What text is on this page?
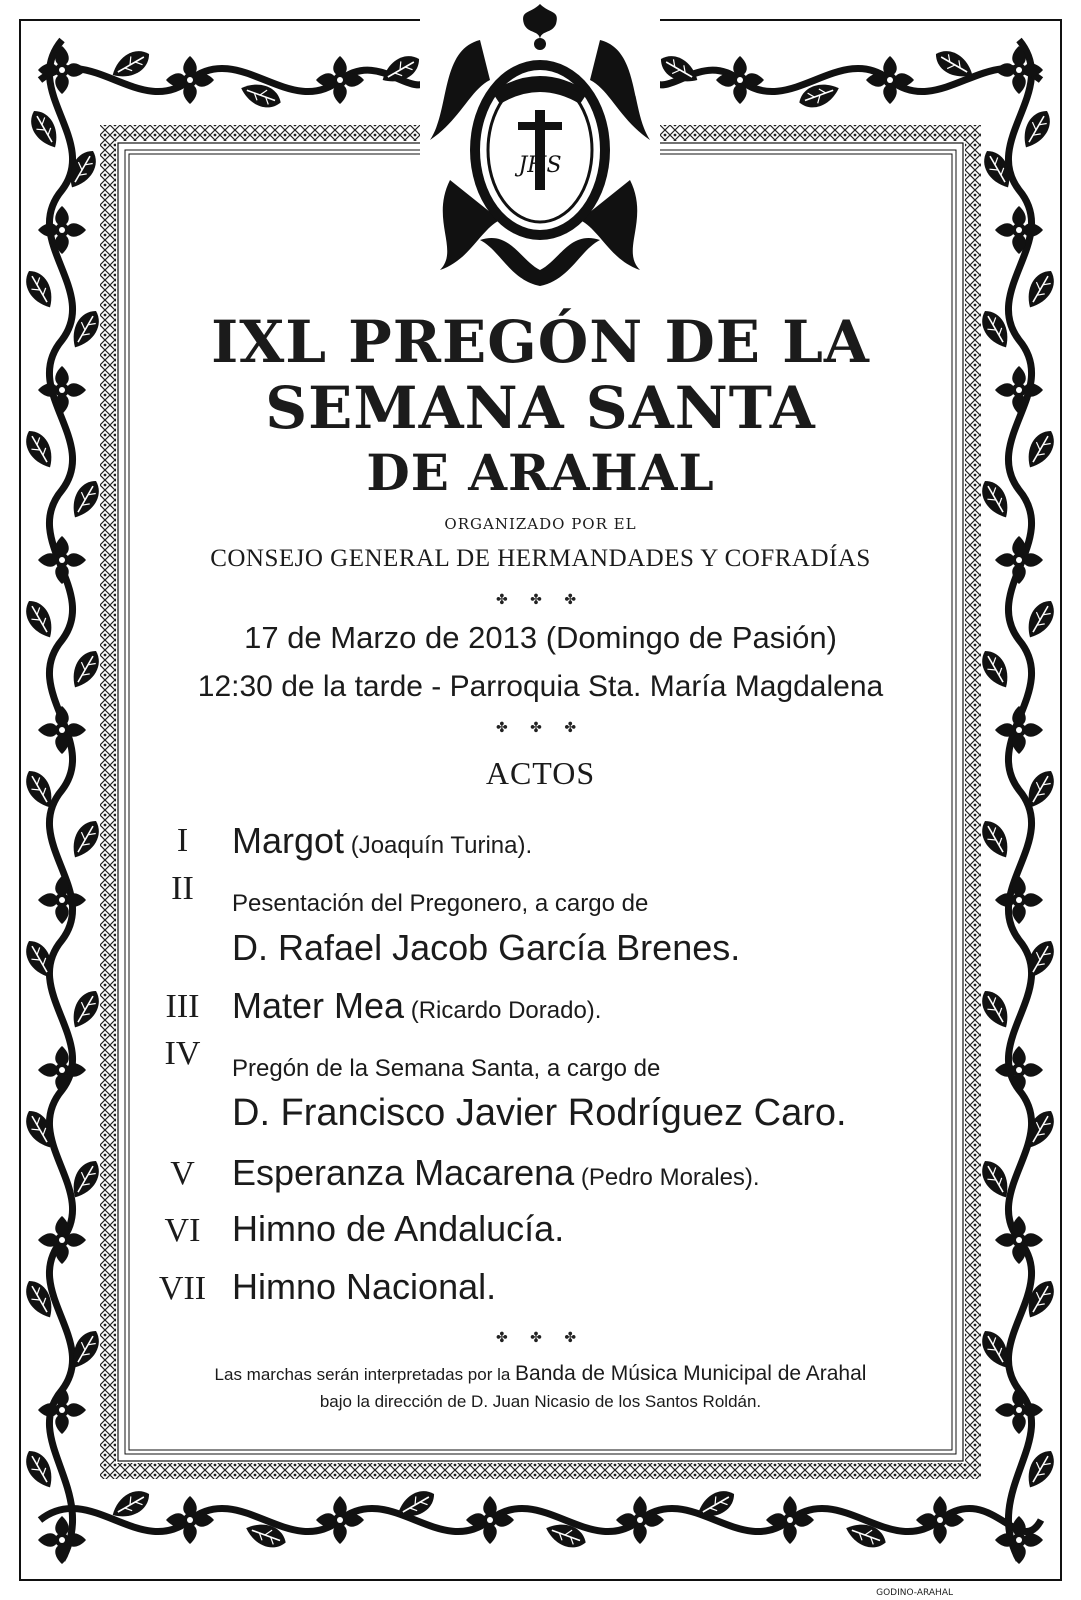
JHS
IXL PREGÓN DE LA
SEMANA SANTA
DE ARAHAL
ORGANIZADO POR EL
CONSEJO GENERAL DE HERMANDADES Y COFRADÍAS
✤ ✤ ✤
17 de Marzo de 2013 (Domingo de Pasión)
12:30 de la tarde - Parroquia Sta. María Magdalena
✤ ✤ ✤
ACTOS
I	Margot (Joaquín Turina).
II	Pesentación del Pregonero, a cargo de
D. Rafael Jacob García Brenes.
III Mater Mea (Ricardo Dorado).
IV	Pregón de la Semana Santa, a cargo de
D. Francisco Javier Rodríguez Caro.
V	Esperanza Macarena (Pedro Morales).
VI Himno de Andalucía.
VII Himno Nacional.
✤ ✤ ✤
Las marchas serán interpretadas por la Banda de Música Municipal de Arahal
bajo la dirección de D. Juan Nicasio de los Santos Roldán.
GODINO-ARAHAL
